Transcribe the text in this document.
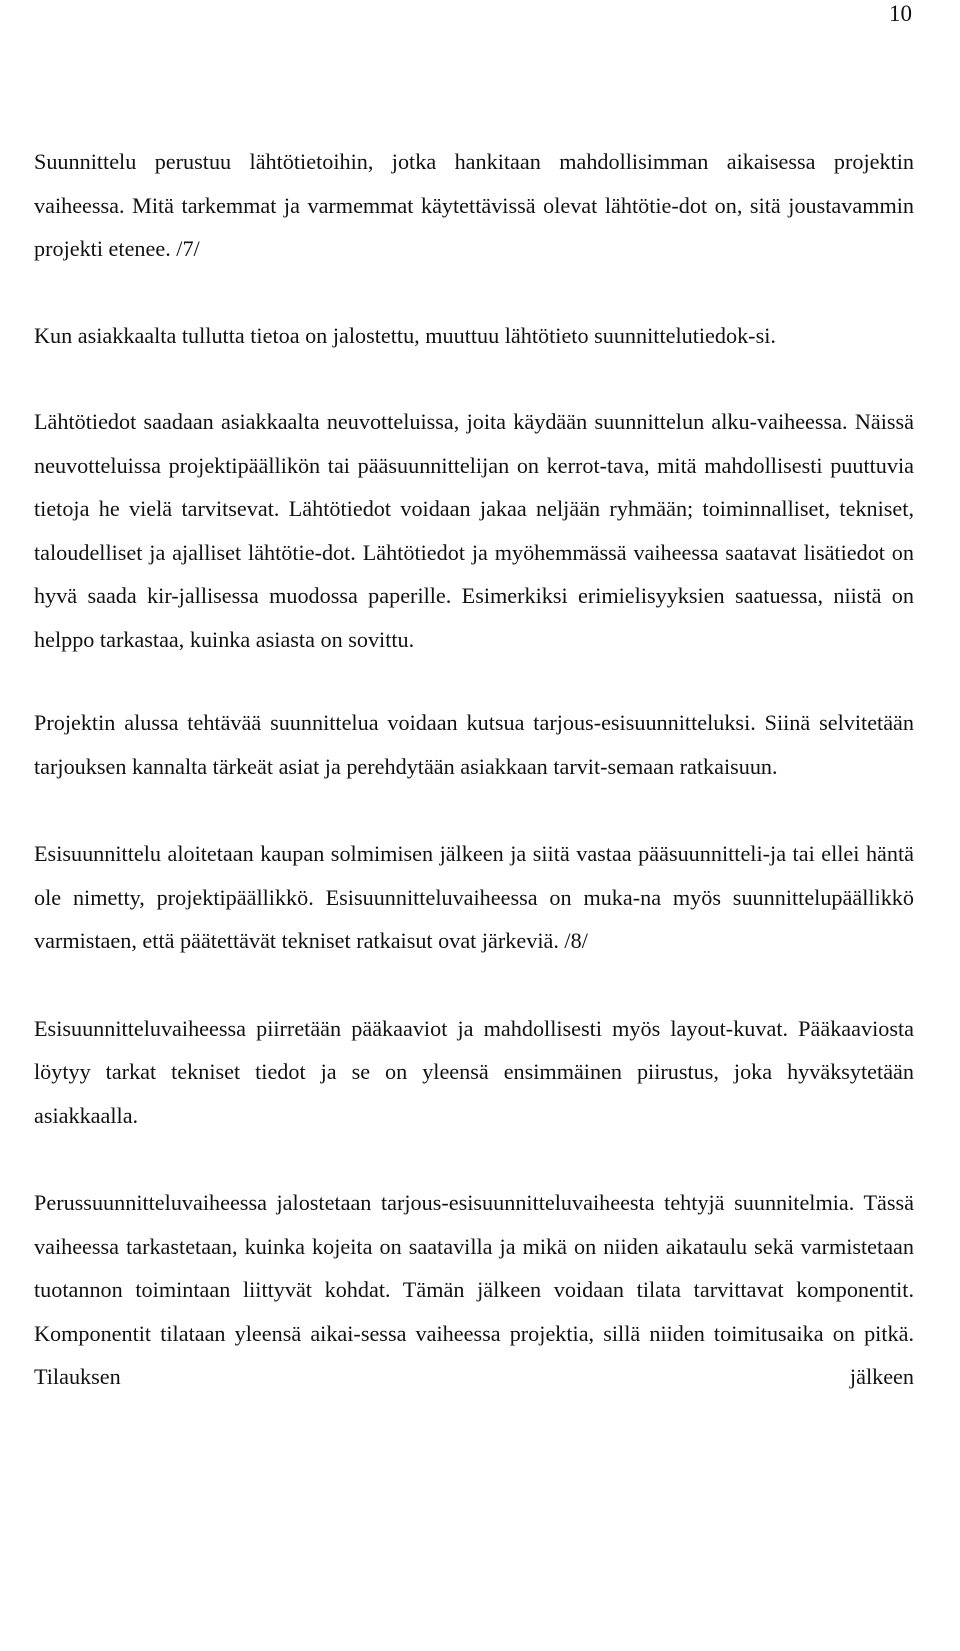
10

Suunnittelu perustuu lähtötietoihin, jotka hankitaan mahdollisimman aikaisessa projektin vaiheessa. Mitä tarkemmat ja varmemmat käytettävissä olevat lähtötie-dot on, sitä joustavammin projekti etenee. /7/

Kun asiakkaalta tullutta tietoa on jalostettu, muuttuu lähtötieto suunnittelutiedok-si.

Lähtötiedot saadaan asiakkaalta neuvotteluissa, joita käydään suunnittelun alku-vaiheessa. Näissä neuvotteluissa projektipäällikön tai pääsuunnittelijan on kerrot-tava, mitä mahdollisesti puuttuvia tietoja he vielä tarvitsevat. Lähtötiedot voidaan jakaa neljään ryhmään; toiminnalliset, tekniset, taloudelliset ja ajalliset lähtötie-dot. Lähtötiedot ja myöhemmässä vaiheessa saatavat lisätiedot on hyvä saada kir-jallisessa muodossa paperille. Esimerkiksi erimielisyyksien saatuessa, niistä on helppo tarkastaa, kuinka asiasta on sovittu.

Projektin alussa tehtävää suunnittelua voidaan kutsua tarjous-esisuunnitteluksi. Siinä selvitetään tarjouksen kannalta tärkeät asiat ja perehdytään asiakkaan tarvit-semaan ratkaisuun.

Esisuunnittelu aloitetaan kaupan solmimisen jälkeen ja siitä vastaa pääsuunnitteli-ja tai ellei häntä ole nimetty, projektipäällikkö. Esisuunnitteluvaiheessa on muka-na myös suunnittelupäällikkö varmistaen, että päätettävät tekniset ratkaisut ovat järkeviä. /8/

Esisuunnitteluvaiheessa piirretään pääkaaviot ja mahdollisesti myös layout-kuvat. Pääkaaviosta löytyy tarkat tekniset tiedot ja se on yleensä ensimmäinen piirustus, joka hyväksytetään asiakkaalla.

Perussuunnitteluvaiheessa jalostetaan tarjous-esisuunnitteluvaiheesta tehtyjä suunnitelmia. Tässä vaiheessa tarkastetaan, kuinka kojeita on saatavilla ja mikä on niiden aikataulu sekä varmistetaan tuotannon toimintaan liittyvät kohdat. Tämän jälkeen voidaan tilata tarvittavat komponentit. Komponentit tilataan yleensä aikai-sessa vaiheessa projektia, sillä niiden toimitusaika on pitkä. Tilauksen jälkeen
